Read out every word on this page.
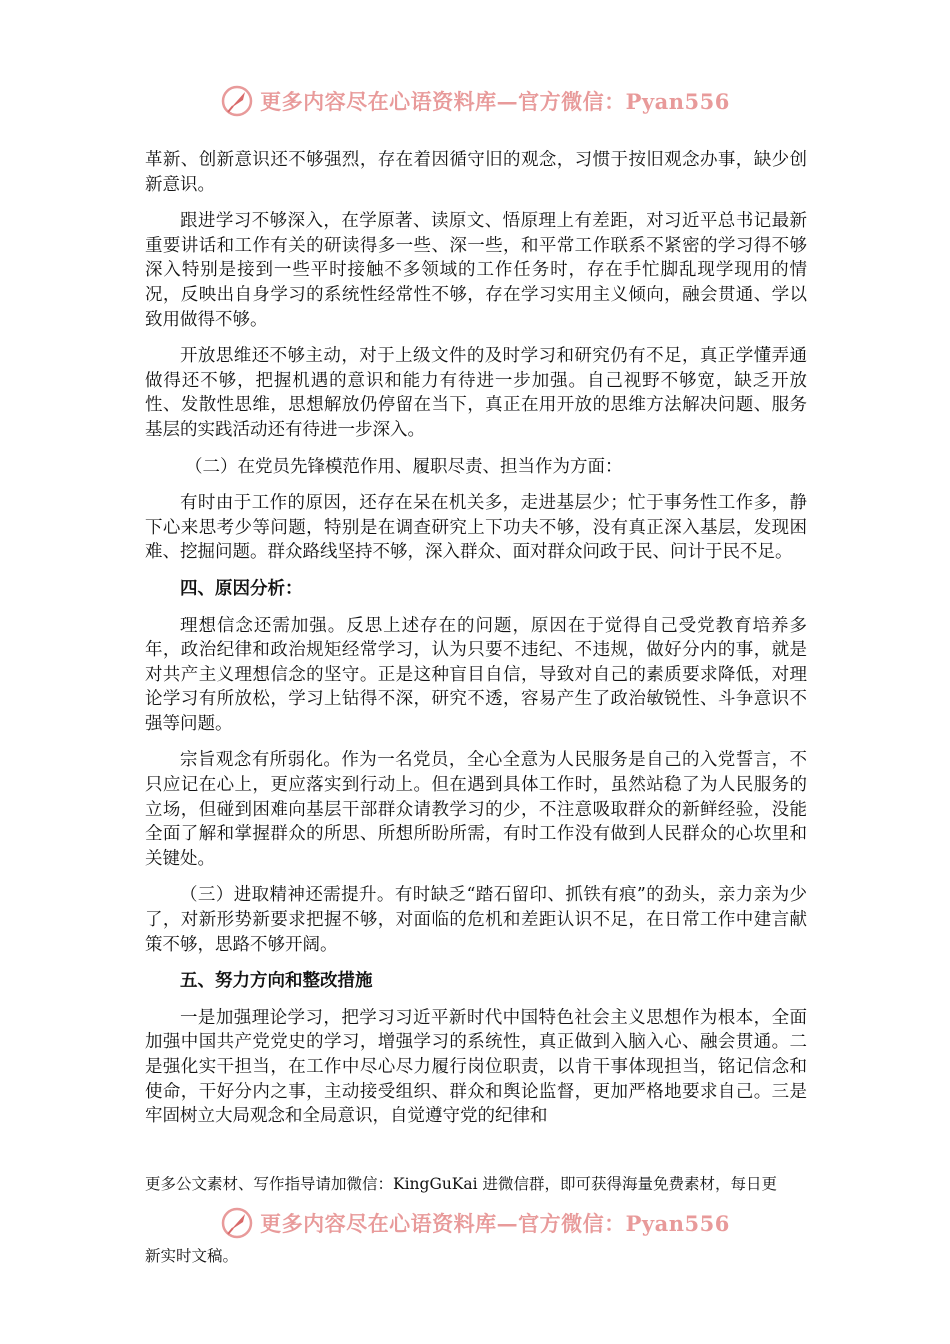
更多内容尽在心语资料库—官方微信：Pyan556

革新、创新意识还不够强烈，存在着因循守旧的观念，习惯于按旧观念办事，缺少创新意识。

跟进学习不够深入，在学原著、读原文、悟原理上有差距，对习近平总书记最新重要讲话和工作有关的研读得多一些、深一些，和平常工作联系不紧密的学习得不够深入特别是接到一些平时接触不多领域的工作任务时，存在手忙脚乱现学现用的情况，反映出自身学习的系统性经常性不够，存在学习实用主义倾向，融会贯通、学以致用做得不够。

开放思维还不够主动，对于上级文件的及时学习和研究仍有不足，真正学懂弄通做得还不够，把握机遇的意识和能力有待进一步加强。自己视野不够宽，缺乏开放性、发散性思维，思想解放仍停留在当下，真正在用开放的思维方法解决问题、服务基层的实践活动还有待进一步深入。

（二）在党员先锋模范作用、履职尽责、担当作为方面：

有时由于工作的原因，还存在呆在机关多，走进基层少；忙于事务性工作多，静下心来思考少等问题，特别是在调查研究上下功夫不够，没有真正深入基层，发现困难、挖掘问题。群众路线坚持不够，深入群众、面对群众问政于民、问计于民不足。

四、原因分析：

理想信念还需加强。反思上述存在的问题，原因在于觉得自己受党教育培养多年，政治纪律和政治规矩经常学习，认为只要不违纪、不违规，做好分内的事，就是对共产主义理想信念的坚守。正是这种盲目自信，导致对自己的素质要求降低，对理论学习有所放松，学习上钻得不深，研究不透，容易产生了政治敏锐性、斗争意识不强等问题。

宗旨观念有所弱化。作为一名党员，全心全意为人民服务是自己的入党誓言，不只应记在心上，更应落实到行动上。但在遇到具体工作时，虽然站稳了为人民服务的立场，但碰到困难向基层干部群众请教学习的少，不注意吸取群众的新鲜经验，没能全面了解和掌握群众的所思、所想所盼所需，有时工作没有做到人民群众的心坎里和关键处。

（三）进取精神还需提升。有时缺乏“踏石留印、抓铁有痕”的劲头，亲力亲为少了，对新形势新要求把握不够，对面临的危机和差距认识不足，在日常工作中建言献策不够，思路不够开阔。

五、努力方向和整改措施

一是加强理论学习，把学习习近平新时代中国特色社会主义思想作为根本，全面加强中国共产党党史的学习，增强学习的系统性，真正做到入脑入心、融会贯通。二是强化实干担当，在工作中尽心尽力履行岗位职责，以肯干事体现担当，铭记信念和使命，干好分内之事，主动接受组织、群众和舆论监督，更加严格地要求自己。三是牢固树立大局观念和全局意识，自觉遵守党的纪律和

更多公文素材、写作指导请加微信：KingGuKai 进微信群，即可获得海量免费素材，每日更
更多内容尽在心语资料库—官方微信：Pyan556
新实时文稿。
